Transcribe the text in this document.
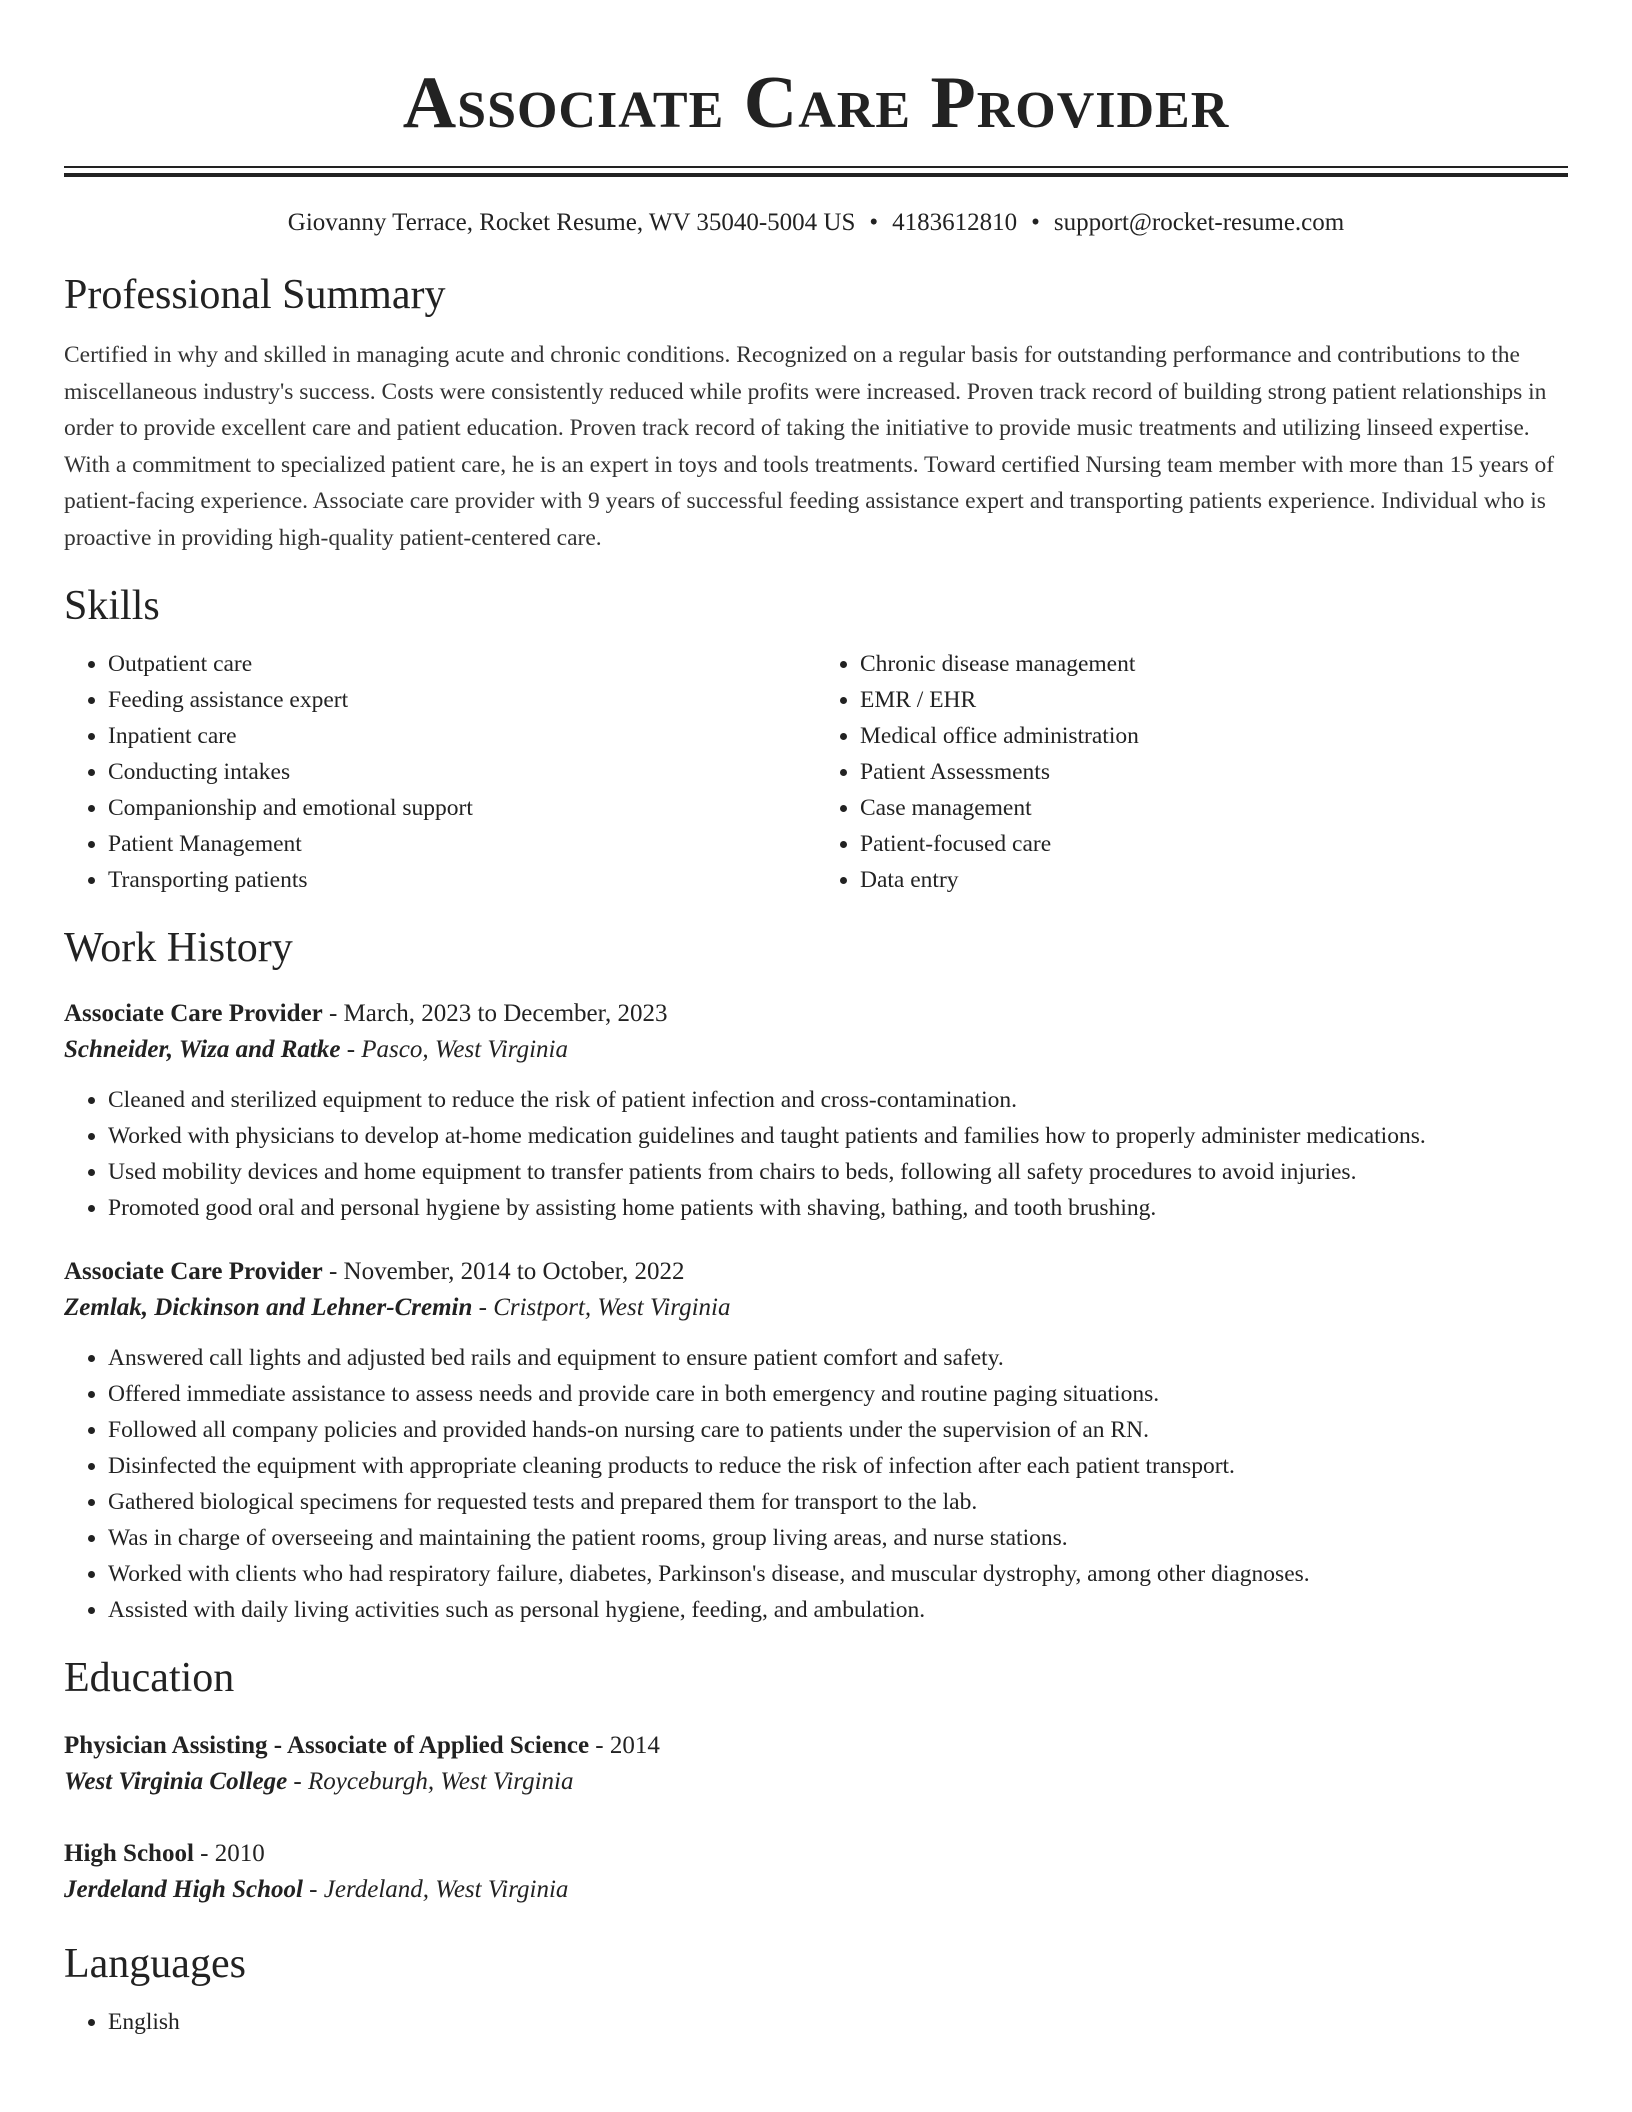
Associate Care Provider
Giovanny Terrace, Rocket Resume, WV 35040-5004 US • 4183612810 • support@rocket-resume.com
Professional Summary
Certified in why and skilled in managing acute and chronic conditions. Recognized on a regular basis for outstanding performance and contributions to the miscellaneous industry's success. Costs were consistently reduced while profits were increased. Proven track record of building strong patient relationships in order to provide excellent care and patient education. Proven track record of taking the initiative to provide music treatments and utilizing linseed expertise. With a commitment to specialized patient care, he is an expert in toys and tools treatments. Toward certified Nursing team member with more than 15 years of patient-facing experience. Associate care provider with 9 years of successful feeding assistance expert and transporting patients experience. Individual who is proactive in providing high-quality patient-centered care.
Skills
• Outpatient care
• Feeding assistance expert
• Inpatient care
• Conducting intakes
• Companionship and emotional support
• Patient Management
• Transporting patients
• Chronic disease management
• EMR / EHR
• Medical office administration
• Patient Assessments
• Case management
• Patient-focused care
• Data entry
Work History
Associate Care Provider - March, 2023 to December, 2023
Schneider, Wiza and Ratke - Pasco, West Virginia
• Cleaned and sterilized equipment to reduce the risk of patient infection and cross-contamination.
• Worked with physicians to develop at-home medication guidelines and taught patients and families how to properly administer medications.
• Used mobility devices and home equipment to transfer patients from chairs to beds, following all safety procedures to avoid injuries.
• Promoted good oral and personal hygiene by assisting home patients with shaving, bathing, and tooth brushing.
Associate Care Provider - November, 2014 to October, 2022
Zemlak, Dickinson and Lehner-Cremin - Cristport, West Virginia
• Answered call lights and adjusted bed rails and equipment to ensure patient comfort and safety.
• Offered immediate assistance to assess needs and provide care in both emergency and routine paging situations.
• Followed all company policies and provided hands-on nursing care to patients under the supervision of an RN.
• Disinfected the equipment with appropriate cleaning products to reduce the risk of infection after each patient transport.
• Gathered biological specimens for requested tests and prepared them for transport to the lab.
• Was in charge of overseeing and maintaining the patient rooms, group living areas, and nurse stations.
• Worked with clients who had respiratory failure, diabetes, Parkinson's disease, and muscular dystrophy, among other diagnoses.
• Assisted with daily living activities such as personal hygiene, feeding, and ambulation.
Education
Physician Assisting - Associate of Applied Science - 2014
West Virginia College - Royceburgh, West Virginia
High School - 2010
Jerdeland High School - Jerdeland, West Virginia
Languages
• English
